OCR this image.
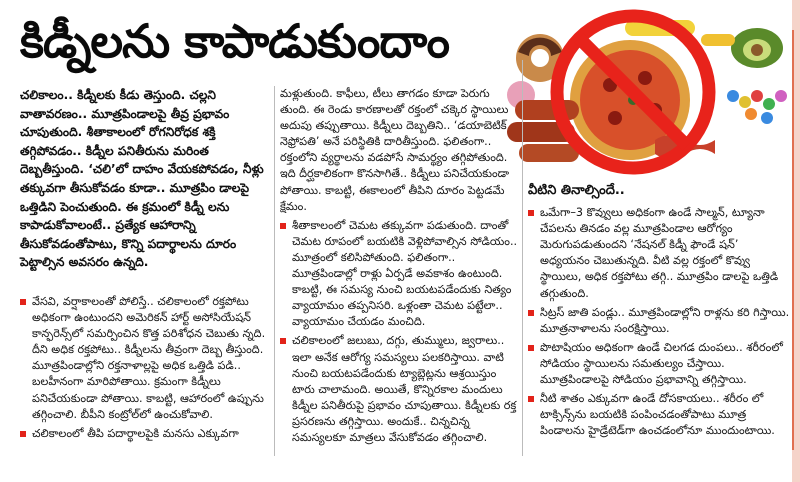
కిడ్నీలను కాపాడుకుందాం
చలికాలం.. కిడ్నీలకు కీడు తెస్తుంది. చల్లని వాతావరణం.. మూత్రపిండాలపై తీవ్ర ప్రభావం చూపుతుంది. శీతాకాలంలో రోగనిరోధక శక్తి తగ్గిపోవడం.. కిడ్నీల పనితీరును మరింత దెబ్బతీస్తుంది. ‘చలి’లో దాహం వేయకపోవడం, నీళ్లు తక్కువగా తీసుకోవడం కూడా.. మూత్రపిం డాలపై ఒత్తిడిని పెంచుతుంది. ఈ క్రమంలో కిడ్నీ లను కాపాడుకోవాలంటే.. ప్రత్యేక ఆహారాన్ని తీసుకోవడంతోపాటు, కొన్ని పదార్థాలను దూరం పెట్టాల్సిన అవసరం ఉన్నది.

వేసవి, వర్షాకాలంతో పోలిస్తే.. చలికాలంలో రక్తపోటు అధికంగా ఉంటుందని అమెరికన్ హార్ట్ అసోసియేషన్ కాన్ఫరెన్స్‌లో సమర్పించిన కొత్త పరిశోధన చెబుతు న్నది. దీని అధిక రక్తపోటు.. కిడ్నీలను తీవ్రంగా దెబ్బ తీస్తుంది. మూత్రపిండాల్లోని రక్తనాళాల్లపై అధిక ఒత్తిడి పడి.. బలహీనంగా మారిపోతాయి. క్రమంగా కిడ్నీలు పనిచేయకుండా పోతాయి. కాబట్టి, ఆహారంలో ఉప్పును తగ్గించాలి. బీపీని కంట్రోల్‌లో ఉంచుకోవాలి.

చలికాలంలో తీపి పదార్థాలపైకి మనసు ఎక్కువగా

మళ్లుతుంది. కాఫీలు, టీలు తాగడం కూడా పెరుగు తుంది. ఈ రెండు కారణాలతో రక్తంలో చక్కెర స్థాయిలు అదుపు తప్పుతాయి. కిడ్నీలు దెబ్బతిని.. ‘డయాబెటిక్ నెఫ్రోపతి’ అనే పరిస్థితికి దారితీస్తుంది. ఫలితంగా.. రక్తంలోని వ్యర్థాలను వడపోసే సామర్థ్యం తగ్గిపోతుంది. ఇది దీర్ఘకాలికంగా కొనసాగితే.. కిడ్నీలు పనిచేయకుండా పోతాయి. కాబట్టి, ఈకాలంలో తీపిని దూరం పెట్టడమే క్షేమం.

శీతాకాలంలో చెమట తక్కువగా పడుతుంది. దాంతో చెమట రూపంలో బయటికి వెళ్లిపోవాల్సిన సోడియం.. మూత్రంలో కలిసిపోతుంది. ఫలితంగా.. మూత్రపిండాల్లో రాళ్లు ఏర్పడే అవకాశం ఉంటుంది. కాబట్టి, ఈ సమస్య నుంచి బయటపడేందుకు నిత్యం వ్యాయామం తప్పనిసరి. ఒళ్లంతా చెమట పట్టేలా.. వ్యాయామం చేయడం మంచిది.

చలికాలంలో జలుబు, దగ్గు, తుమ్ములు, జ్వరాలు.. ఇలా అనేక ఆరోగ్య సమస్యలు పలకరిస్తాయి. వాటి నుంచి బయటపడేందుకు ట్యాబ్లెట్లను ఆశ్రయిస్తుం టారు చాలామంది. అయితే, కొన్నిరకాల మందులు కిడ్నీల పనితీరుపై ప్రభావం చూపుతాయి. కిడ్నీలకు రక్త ప్రసరణను తగ్గిస్తాయి. అందుకే.. చిన్నచిన్న సమస్యలకూ మాత్రలు వేసుకోవడం తగ్గించాలి.

వీటిని తినాల్సిందే..

ఒమేగా–3 కొవ్వులు అధికంగా ఉండే సాల్మన్, ట్యూనా చేపలను తినడం వల్ల మూత్రపిండాల ఆరోగ్యం మెరుగుపడుతుందని ‘నేషనల్ కిడ్నీ ఫౌండే షన్’ అధ్యయనం చెబుతున్నది. వీటి వల్ల రక్తంలో కొవ్వు స్థాయిలు, అధిక రక్తపోటు తగ్గి.. మూత్రపిం డాలపై ఒత్తిడి తగ్గుతుంది.

సిట్రస్ జాతి పండ్లు.. మూత్రపిండాల్లోని రాళ్లను కరి గిస్తాయి. మూత్రనాళాలను సంరక్షిస్తాయి.

పొటాషియం అధికంగా ఉండే చిలగడ దుంపలు.. శరీరంలో సోడియం స్థాయిలను సమతుల్యం చేస్తాయి. మూత్రపిండాలపై సోడియం ప్రభావాన్ని తగ్గిస్తాయి.

నీటి శాతం ఎక్కువగా ఉండే దోసకాయలు.. శరీరం లో టాక్సిన్స్‌ను బయటికి పంపించడంతోపాటు మూత్ర పిండాలను హైడ్రేటెడ్‌గా ఉంచడంలోనూ ముందుంటాయి.
